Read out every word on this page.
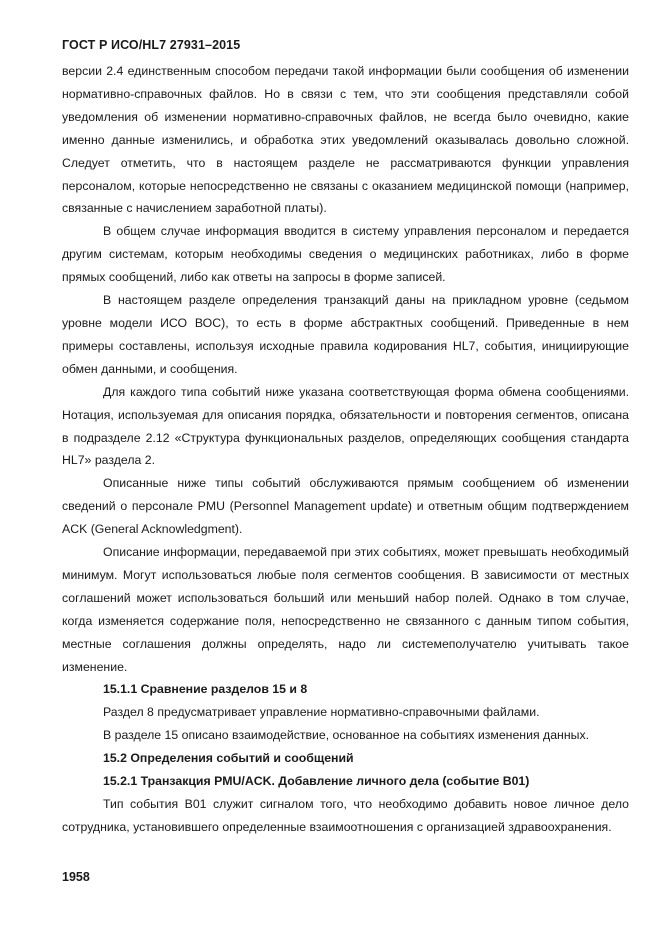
ГОСТ Р ИСО/HL7 27931–2015

версии 2.4 единственным способом передачи такой информации были сообщения об изменении нормативно-справочных файлов. Но в связи с тем, что эти сообщения представляли собой уведомления об изменении нормативно-справочных файлов, не всегда было очевидно, какие именно данные изменились, и обработка этих уведомлений оказывалась довольно сложной. Следует отметить, что в настоящем разделе не рассматриваются функции управления персоналом, которые непосредственно не связаны с оказанием медицинской помощи (например, связанные с начислением заработной платы).

В общем случае информация вводится в систему управления персоналом и передается другим системам, которым необходимы сведения о медицинских работниках, либо в форме прямых сообщений, либо как ответы на запросы в форме записей.

В настоящем разделе определения транзакций даны на прикладном уровне (седьмом уровне модели ИСО ВОС), то есть в форме абстрактных сообщений. Приведенные в нем примеры составлены, используя исходные правила кодирования HL7, события, инициирующие обмен данными, и сообщения.

Для каждого типа событий ниже указана соответствующая форма обмена сообщениями. Нотация, используемая для описания порядка, обязательности и повторения сегментов, описана в подразделе 2.12 «Структура функциональных разделов, определяющих сообщения стандарта HL7» раздела 2.

Описанные ниже типы событий обслуживаются прямым сообщением об изменении сведений о персонале PMU (Personnel Management update) и ответным общим подтверждением ACK (General Acknowledgment).

Описание информации, передаваемой при этих событиях, может превышать необходимый минимум. Могут использоваться любые поля сегментов сообщения. В зависимости от местных соглашений может использоваться больший или меньший набор полей. Однако в том случае, когда изменяется содержание поля, непосредственно не связанного с данным типом события, местные соглашения должны определять, надо ли системеполучателю учитывать такое изменение.

15.1.1 Сравнение разделов 15 и 8

Раздел 8 предусматривает управление нормативно-справочными файлами.

В разделе 15 описано взаимодействие, основанное на событиях изменения данных.

15.2 Определения событий и сообщений

15.2.1 Транзакция PMU/ACK. Добавление личного дела (событие B01)

Тип события B01 служит сигналом того, что необходимо добавить новое личное дело сотрудника, установившего определенные взаимоотношения с организацией здравоохранения.

1958
